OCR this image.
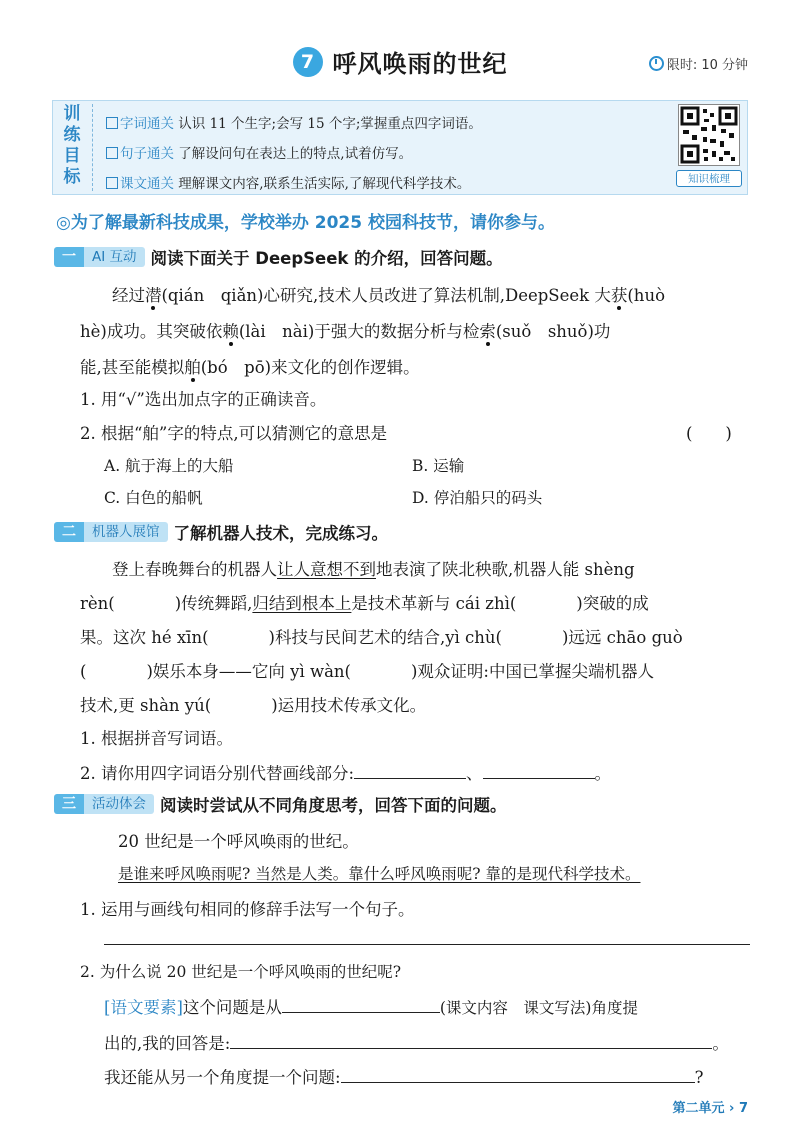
7 呼风唤雨的世纪	限时: 10 分钟
训练目标
字词通关 认识 11 个生字;会写 15 个字;掌握重点四字词语。
句子通关 了解设问句在表达上的特点,试着仿写。
课文通关 理解课文内容,联系生活实际,了解现代科学技术。	知识梳理
◎为了解最新科技成果，学校举办 2025 校园科技节，请你参与。
一 AI 互动 阅读下面关于 DeepSeek 的介绍，回答问题。
经过潜(qián　qiǎn)心研究,技术人员改进了算法机制,DeepSeek 大获(huò
hè)成功。其突破依赖(lài　nài)于强大的数据分析与检索(suǒ　shuǒ)功
能,甚至能模拟舶(bó　pō)来文化的创作逻辑。
1. 用“√”选出加点字的正确读音。
2. 根据“舶”字的特点,可以猜测它的意思是	(　　)
A. 航于海上的大船	B. 运输
C. 白色的船帆	D. 停泊船只的码头
二 机器人展馆 了解机器人技术，完成练习。
登上春晚舞台的机器人让人意想不到地表演了陕北秧歌,机器人能 shèng
rèn(	)传统舞蹈,归结到根本上是技术革新与 cái zhì(	)突破的成
果。这次 hé xīn(	)科技与民间艺术的结合,yì chù(	)远远 chāo guò
(	)娱乐本身——它向 yì wàn(	)观众证明:中国已掌握尖端机器人
技术,更 shàn yú(	)运用技术传承文化。
1. 根据拼音写词语。
2. 请你用四字词语分别代替画线部分:	、	。
三 活动体会 阅读时尝试从不同角度思考，回答下面的问题。
20 世纪是一个呼风唤雨的世纪。
是谁来呼风唤雨呢? 当然是人类。靠什么呼风唤雨呢? 靠的是现代科学技术。
1. 运用与画线句相同的修辞手法写一个句子。
2. 为什么说 20 世纪是一个呼风唤雨的世纪呢?
[语文要素]这个问题是从	(课文内容　课文写法)角度提
出的,我的回答是:	。
我还能从另一个角度提一个问题:	?
第二单元 › 7
